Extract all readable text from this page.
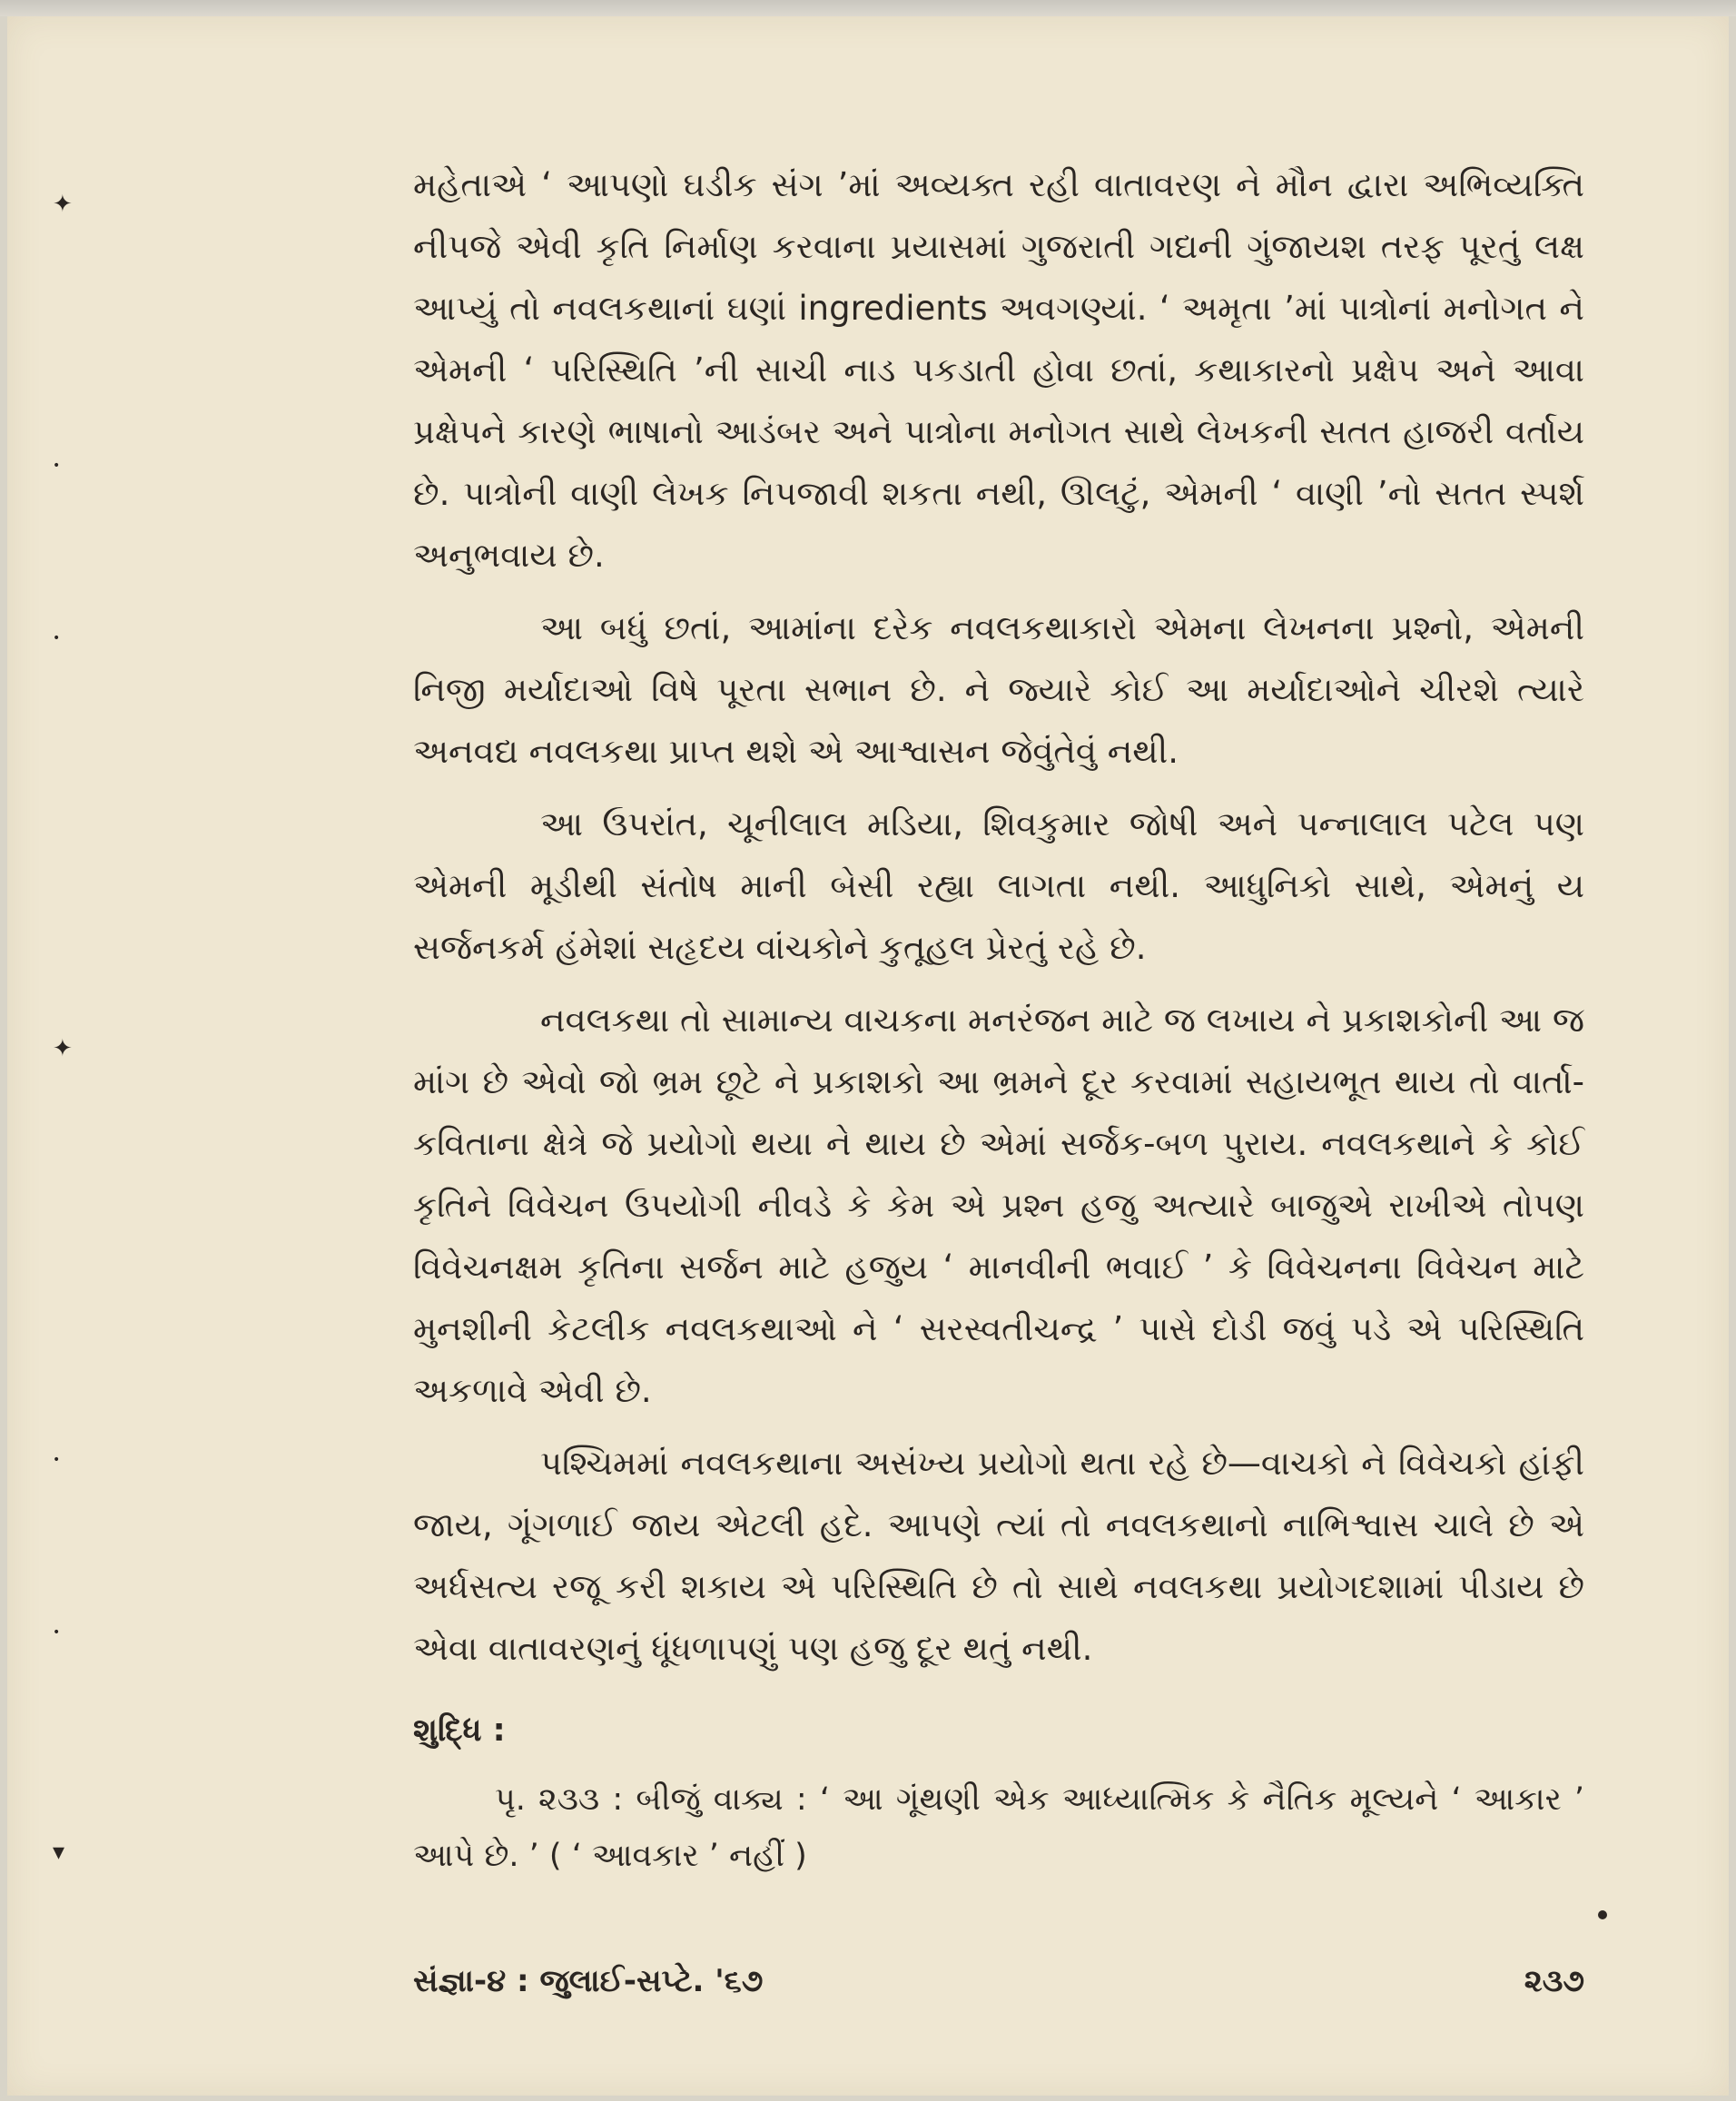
✦
•
•
✦
•
•
▾

મહેતાએ ‘ આપણો ઘડીક સંગ ’માં અવ્યક્ત રહી વાતાવરણ ને મૌન દ્વારા અભિવ્યક્તિ નીપજે એવી કૃતિ નિર્માણ કરવાના પ્રયાસમાં ગુજરાતી ગદ્યની ગુંજાયશ તરફ પૂરતું લક્ષ આપ્યું તો નવલકથાનાં ઘણાં ingredients અવગણ્યાં. ‘ અમૃતા ’માં પાત્રોનાં મનોગત ને એમની ‘ પરિસ્થિતિ ’ની સાચી નાડ પકડાતી હોવા છતાં, કથાકારનો પ્રક્ષેપ અને આવા પ્રક્ષેપને કારણે ભાષાનો આડંબર અને પાત્રોના મનોગત સાથે લેખકની સતત હાજરી વર્તાય છે. પાત્રોની વાણી લેખક નિપજાવી શકતા નથી, ઊલટું, એમની ‘ વાણી ’નો સતત સ્પર્શ અનુભવાય છે.

આ બધું છતાં, આમાંના દરેક નવલકથાકારો એમના લેખનના પ્રશ્નો, એમની નિજી મર્યાદાઓ વિષે પૂરતા સભાન છે. ને જ્યારે કોઈ આ મર્યાદાઓને ચીરશે ત્યારે અનવદ્ય નવલકથા પ્રાપ્ત થશે એ આશ્વાસન જેવુંતેવું નથી.

આ ઉપરાંત, ચૂનીલાલ મડિયા, શિવકુમાર જોષી અને પન્નાલાલ પટેલ પણ એમની મૂડીથી સંતોષ માની બેસી રહ્યા લાગતા નથી. આધુનિકો સાથે, એમનું ય સર્જનકર્મ હંમેશાં સહૃદય વાંચકોને કુતૂહલ પ્રેરતું રહે છે.

નવલકથા તો સામાન્ય વાચકના મનરંજન માટે જ લખાય ને પ્રકાશકોની આ જ માંગ છે એવો જો ભ્રમ છૂટે ને પ્રકાશકો આ ભ્રમને દૂર કરવામાં સહાયભૂત થાય તો વાર્તા-કવિતાના ક્ષેત્રે જે પ્રયોગો થયા ને થાય છે એમાં સર્જક-બળ પુરાય. નવલકથાને કે કોઈ કૃતિને વિવેચન ઉપયોગી નીવડે કે કેમ એ પ્રશ્ન હજુ અત્યારે બાજુએ રાખીએ તોપણ વિવેચનક્ષમ કૃતિના સર્જન માટે હજુય ‘ માનવીની ભવાઈ ’ કે વિવેચનના વિવેચન માટે મુનશીની કેટલીક નવલકથાઓ ને ‘ સરસ્વતીચન્દ્ર ’ પાસે દોડી જવું પડે એ પરિસ્થિતિ અકળાવે એવી છે.

પશ્ચિમમાં નવલકથાના અસંખ્ય પ્રયોગો થતા રહે છે—વાચકો ને વિવેચકો હાંફી જાય, ગૂંગળાઈ જાય એટલી હદે. આપણે ત્યાં તો નવલકથાનો નાભિશ્વાસ ચાલે છે એ અર્ધસત્ય રજૂ કરી શકાય એ પરિસ્થિતિ છે તો સાથે નવલકથા પ્રયોગદશામાં પીડાય છે એવા વાતાવરણનું ધૂંધળાપણું પણ હજુ દૂર થતું નથી.

શુદ્ધિ :
પૃ. ૨૩૩ : બીજું વાક્ય : ‘ આ ગૂંથણી એક આધ્યાત્મિક કે નૈતિક મૂલ્યને ‘ આકાર ’ આપે છે. ’ ( ‘ આવકાર ’ નહીં )
સંજ્ઞા-૪ : જુલાઈ-સપ્ટે. '૬૭	૨૩૭
